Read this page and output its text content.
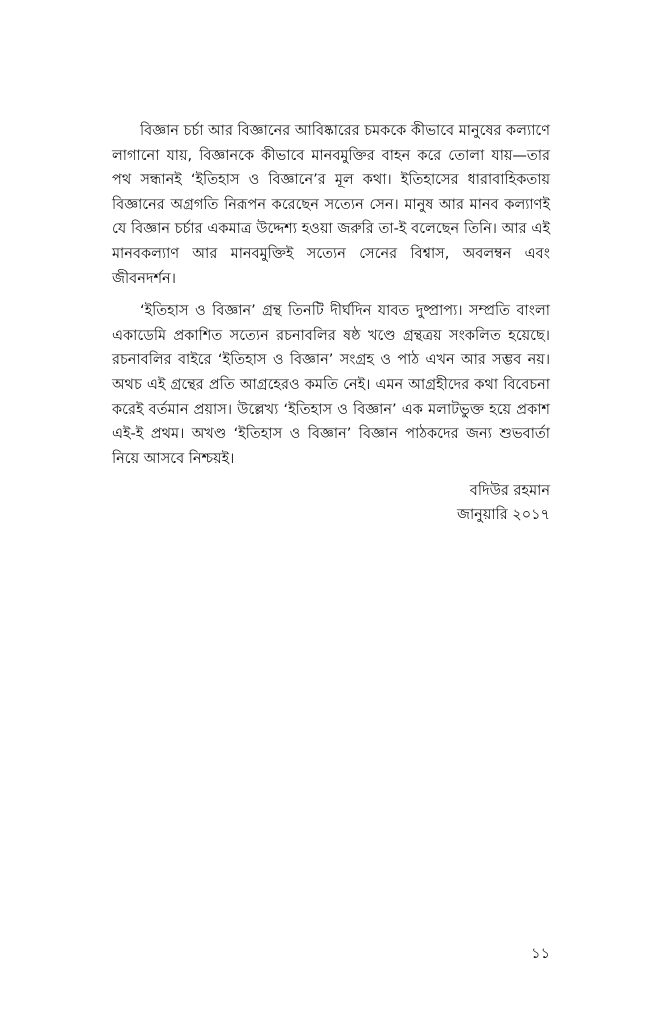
বিজ্ঞান চর্চা আর বিজ্ঞানের আবিষ্কারের চমককে কীভাবে মানুষের কল্যাণে লাগানো যায়, বিজ্ঞানকে কীভাবে মানবমুক্তির বাহন করে তোলা যায়—তার পথ সন্ধানই ‘ইতিহাস ও বিজ্ঞানে’র মূল কথা। ইতিহাসের ধারাবাহিকতায় বিজ্ঞানের অগ্রগতি নিরূপন করেছেন সত্যেন সেন। মানুষ আর মানব কল্যাণই যে বিজ্ঞান চর্চার একমাত্র উদ্দেশ্য হওয়া জরুরি তা-ই বলেছেন তিনি। আর এই মানবকল্যাণ আর মানবমুক্তিই সত্যেন সেনের বিশ্বাস, অবলম্বন এবং জীবনদর্শন।

‘ইতিহাস ও বিজ্ঞান’ গ্রন্থ তিনটি দীর্ঘদিন যাবত দুষ্প্রাপ্য। সম্প্রতি বাংলা একাডেমি প্রকাশিত সত্যেন রচনাবলির ষষ্ঠ খণ্ডে গ্রন্থত্রয় সংকলিত হয়েছে। রচনাবলির বাইরে ‘ইতিহাস ও বিজ্ঞান’ সংগ্রহ ও পাঠ এখন আর সম্ভব নয়। অথচ এই গ্রন্থের প্রতি আগ্রহেরও কমতি নেই। এমন আগ্রহীদের কথা বিবেচনা করেই বর্তমান প্রয়াস। উল্লেখ্য ‘ইতিহাস ও বিজ্ঞান’ এক মলাটভুক্ত হয়ে প্রকাশ এই-ই প্রথম। অখণ্ড ‘ইতিহাস ও বিজ্ঞান’ বিজ্ঞান পাঠকদের জন্য শুভবার্তা নিয়ে আসবে নিশ্চয়ই।

বদিউর রহমান
জানুয়ারি ২০১৭
১১
